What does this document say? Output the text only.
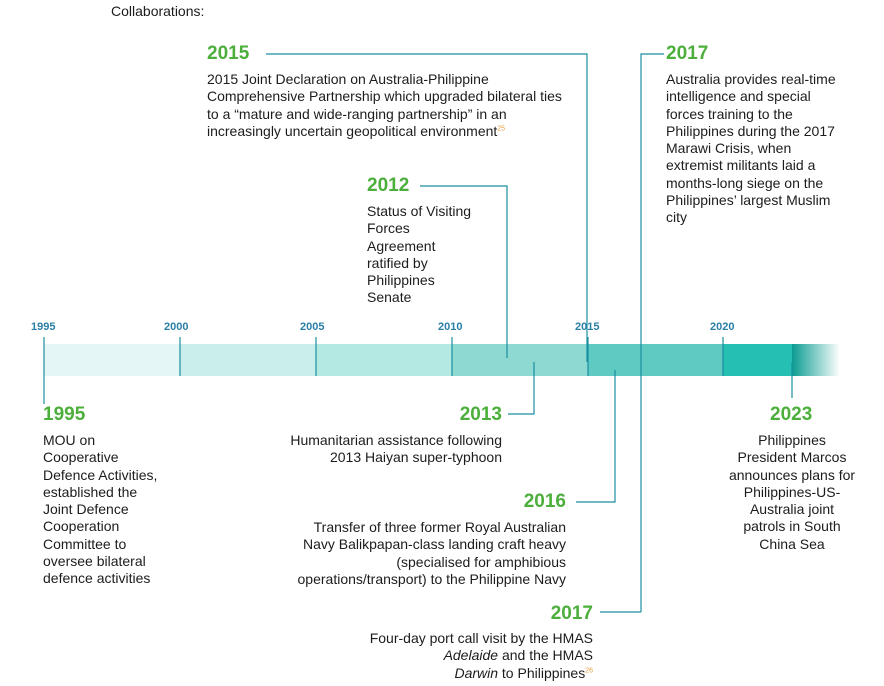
Collaborations:
1995	2000	2005	2010	2015	2020
2015

2015 Joint Declaration on Australia-Philippine Comprehensive Partnership which upgraded bilateral ties to a “mature and wide-ranging partnership” in an increasingly uncertain geopolitical environment$^{25}$

2017

Australia provides real-time intelligence and special forces training to the Philippines during the 2017 Marawi Crisis, when extremist militants laid a months-long siege on the Philippines’ largest Muslim city

2012

Status of Visiting Forces Agreement ratified by Philippines Senate

1995

MOU on Cooperative Defence Activities, established the Joint Defence Cooperation Committee to oversee bilateral defence activities

2013

Humanitarian assistance following 2013 Haiyan super-typhoon

2016

Transfer of three former Royal Australian Navy Balikpapan-class landing craft heavy (specialised for amphibious operations/transport) to the Philippine Navy

2017

Four-day port call visit by the HMAS Adelaide and the HMAS
Darwin to Philippines$^{26}$

2023

Philippines President Marcos announces plans for Philippines-US-Australia joint patrols in South China Sea
